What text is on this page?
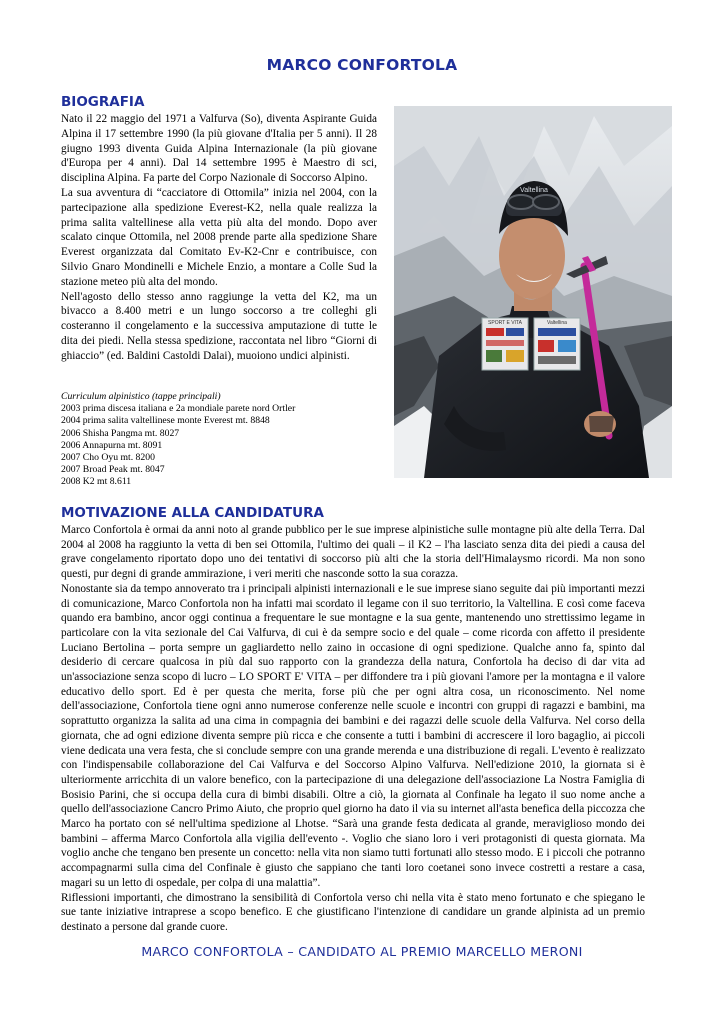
MARCO CONFORTOLA
BIOGRAFIA

Nato il 22 maggio del 1971 a Valfurva (So), diventa Aspirante Guida Alpina il 17 settembre 1990 (la più giovane d'Italia per 5 anni). Il 28 giugno 1993 diventa Guida Alpina Internazionale (la più giovane d'Europa per 4 anni). Dal 14 settembre 1995 è Maestro di sci, disciplina Alpina. Fa parte del Corpo Nazionale di Soccorso Alpino.

La sua avventura di “cacciatore di Ottomila” inizia nel 2004, con la partecipazione alla spedizione Everest-K2, nella quale realizza la prima salita valtellinese alla vetta più alta del mondo. Dopo aver scalato cinque Ottomila, nel 2008 prende parte alla spedizione Share Everest organizzata dal Comitato Ev-K2-Cnr e contribuisce, con Silvio Gnaro Mondinelli e Michele Enzio, a montare a Colle Sud la stazione meteo più alta del mondo.

Nell'agosto dello stesso anno raggiunge la vetta del K2, ma un bivacco a 8.400 metri e un lungo soccorso a tre colleghi gli costeranno il congelamento e la successiva amputazione di tutte le dita dei piedi. Nella stessa spedizione, raccontata nel libro “Giorni di ghiaccio” (ed. Baldini Castoldi Dalai), muoiono undici alpinisti.

Curriculum alpinistico (tappe principali)
2003 prima discesa italiana e 2a mondiale parete nord Ortler
2004 prima salita valtellinese monte Everest mt. 8848
2006 Shisha Pangma mt. 8027
2006 Annapurna mt. 8091
2007 Cho Oyu mt. 8200
2007 Broad Peak mt. 8047
2008 K2 mt 8.611
Valtellina
SPORT E VITA	Valtellina
MOTIVAZIONE ALLA CANDIDATURA

Marco Confortola è ormai da anni noto al grande pubblico per le sue imprese alpinistiche sulle montagne più alte della Terra. Dal 2004 al 2008 ha raggiunto la vetta di ben sei Ottomila, l'ultimo dei quali – il K2 – l'ha lasciato senza dita dei piedi a causa del grave congelamento riportato dopo uno dei tentativi di soccorso più alti che la storia dell'Himalaysmo ricordi. Ma non sono questi, pur degni di grande ammirazione, i veri meriti che nasconde sotto la sua corazza.

Nonostante sia da tempo annoverato tra i principali alpinisti internazionali e le sue imprese siano seguite dai più importanti mezzi di comunicazione, Marco Confortola non ha infatti mai scordato il legame con il suo territorio, la Valtellina. E così come faceva quando era bambino, ancor oggi continua a frequentare le sue montagne e la sua gente, mantenendo uno strettissimo legame in particolare con la vita sezionale del Cai Valfurva, di cui è da sempre socio e del quale – come ricorda con affetto il presidente Luciano Bertolina – porta sempre un gagliardetto nello zaino in occasione di ogni spedizione. Qualche anno fa, spinto dal desiderio di cercare qualcosa in più dal suo rapporto con la grandezza della natura, Confortola ha deciso di dar vita ad un'associazione senza scopo di lucro – LO SPORT E' VITA – per diffondere tra i più giovani l'amore per la montagna e il valore educativo dello sport. Ed è per questa che merita, forse più che per ogni altra cosa, un riconoscimento. Nel nome dell'associazione, Confortola tiene ogni anno numerose conferenze nelle scuole e incontri con gruppi di ragazzi e bambini, ma soprattutto organizza la salita ad una cima in compagnia dei bambini e dei ragazzi delle scuole della Valfurva. Nel corso della giornata, che ad ogni edizione diventa sempre più ricca e che consente a tutti i bambini di accrescere il loro bagaglio, ai piccoli viene dedicata una vera festa, che si conclude sempre con una grande merenda e una distribuzione di regali. L'evento è realizzato con l'indispensabile collaborazione del Cai Valfurva e del Soccorso Alpino Valfurva. Nell'edizione 2010, la giornata si è ulteriormente arricchita di un valore benefico, con la partecipazione di una delegazione dell'associazione La Nostra Famiglia di Bosisio Parini, che si occupa della cura di bimbi disabili. Oltre a ciò, la giornata al Confinale ha legato il suo nome anche a quello dell'associazione Cancro Primo Aiuto, che proprio quel giorno ha dato il via su internet all'asta benefica della piccozza che Marco ha portato con sé nell'ultima spedizione al Lhotse. “Sarà una grande festa dedicata al grande, meraviglioso mondo dei bambini – afferma Marco Confortola alla vigilia dell'evento -. Voglio che siano loro i veri protagonisti di questa giornata. Ma voglio anche che tengano ben presente un concetto: nella vita non siamo tutti fortunati allo stesso modo. E i piccoli che potranno accompagnarmi sulla cima del Confinale è giusto che sappiano che tanti loro coetanei sono invece costretti a restare a casa, magari su un letto di ospedale, per colpa di una malattia”.

Riflessioni importanti, che dimostrano la sensibilità di Confortola verso chi nella vita è stato meno fortunato e che spiegano le sue tante iniziative intraprese a scopo benefico. E che giustificano l'intenzione di candidare un grande alpinista ad un premio destinato a persone dal grande cuore.

MARCO CONFORTOLA – CANDIDATO AL PREMIO MARCELLO MERONI
